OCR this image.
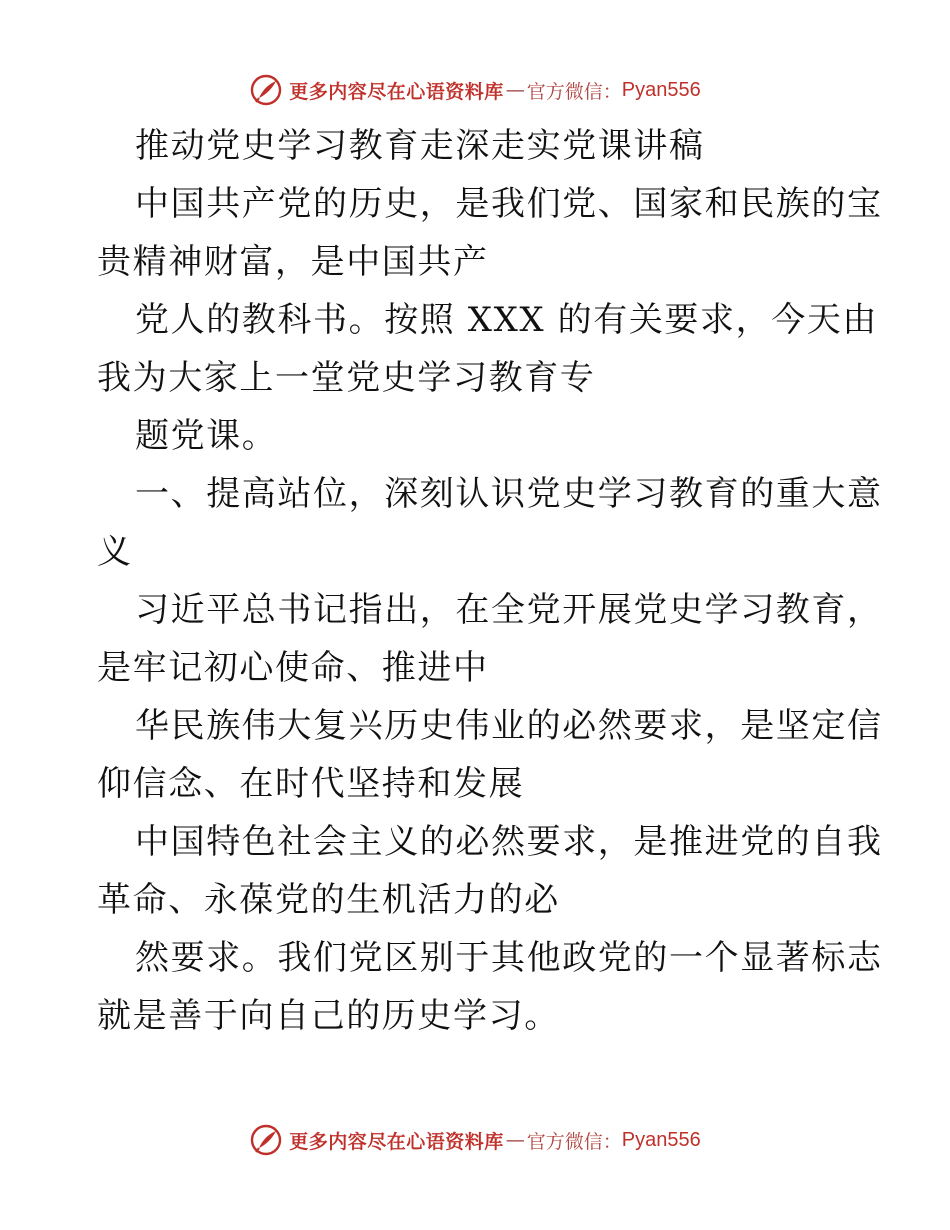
更多内容尽在心语资料库 — 官方微信： Pyan556
推动党史学习教育走深走实党课讲稿
中国共产党的历史，是我们党、国家和民族的宝
贵精神财富，是中国共产
党人的教科书。按照 XXX 的有关要求，今天由
我为大家上一堂党史学习教育专
题党课。
一、提高站位，深刻认识党史学习教育的重大意
义
习近平总书记指出，在全党开展党史学习教育，
是牢记初心使命、推进中
华民族伟大复兴历史伟业的必然要求，是坚定信
仰信念、在时代坚持和发展
中国特色社会主义的必然要求，是推进党的自我
革命、永葆党的生机活力的必
然要求。我们党区别于其他政党的一个显著标志
就是善于向自己的历史学习。
更多内容尽在心语资料库 — 官方微信： Pyan556
